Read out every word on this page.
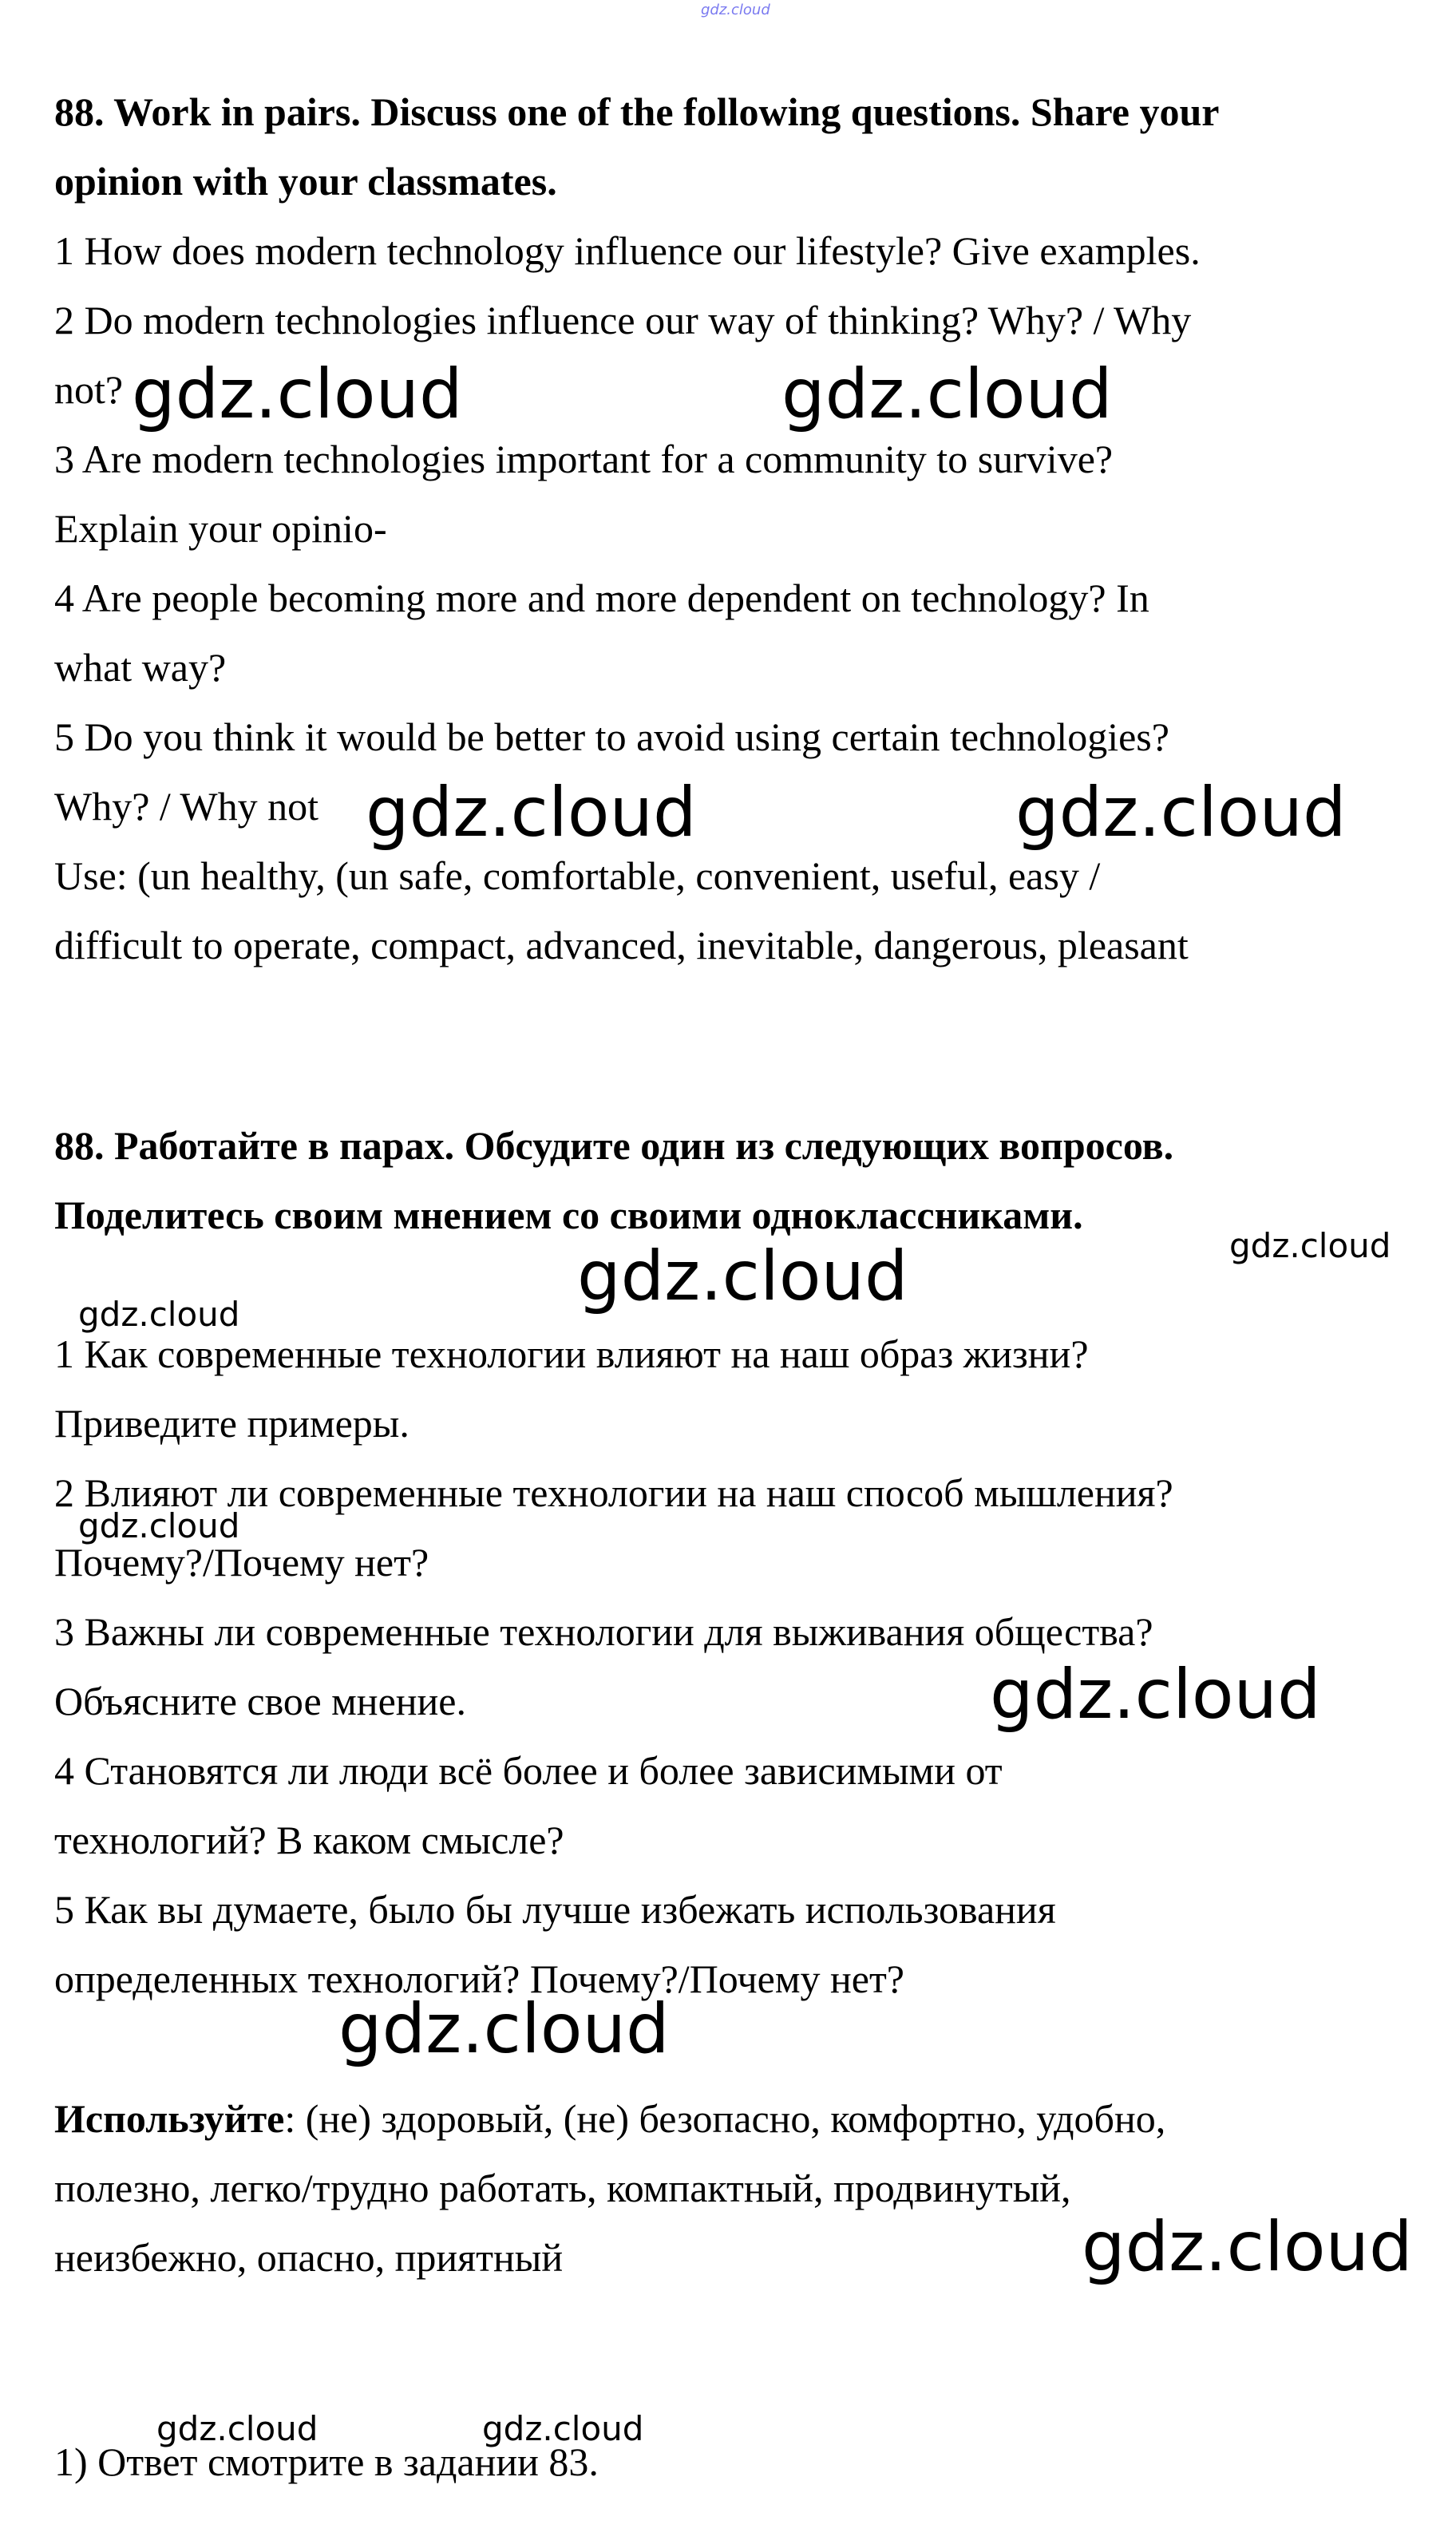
gdz.cloud
88. Work in pairs. Discuss one of the following questions. Share your
opinion with your classmates.
1 How does modern technology influence our lifestyle? Give examples.
2 Do modern technologies influence our way of thinking? Why? / Why
not?
3 Are modern technologies important for a community to survive?
Explain your opinio-
4 Are people becoming more and more dependent on technology? In
what way?
5 Do you think it would be better to avoid using certain technologies?
Why? / Why not
Use: (un healthy, (un safe, comfortable, convenient, useful, easy /
difficult to operate, compact, advanced, inevitable, dangerous, pleasant
88. Работайте в парах. Обсудите один из следующих вопросов.
Поделитесь своим мнением со своими одноклассниками.
1 Как современные технологии влияют на наш образ жизни?
Приведите примеры.
2 Влияют ли современные технологии на наш способ мышления?
Почему?/Почему нет?
3 Важны ли современные технологии для выживания общества?
Объясните свое мнение.
4 Становятся ли люди всё более и более зависимыми от
технологий? В каком смысле?
5 Как вы думаете, было бы лучше избежать использования
определенных технологий? Почему?/Почему нет?
Используйте: (не) здоровый, (не) безопасно, комфортно, удобно,
полезно, легко/трудно работать, компактный, продвинутый,
неизбежно, опасно, приятный
1) Ответ смотрите в задании 83.
gdz.cloud	gdz.cloud
gdz.cloud	gdz.cloud
gdz.cloud
gdz.cloud
gdz.cloud
gdz.cloud
gdz.cloud
gdz.cloud
gdz.cloud
gdz.cloud	gdz.cloud
